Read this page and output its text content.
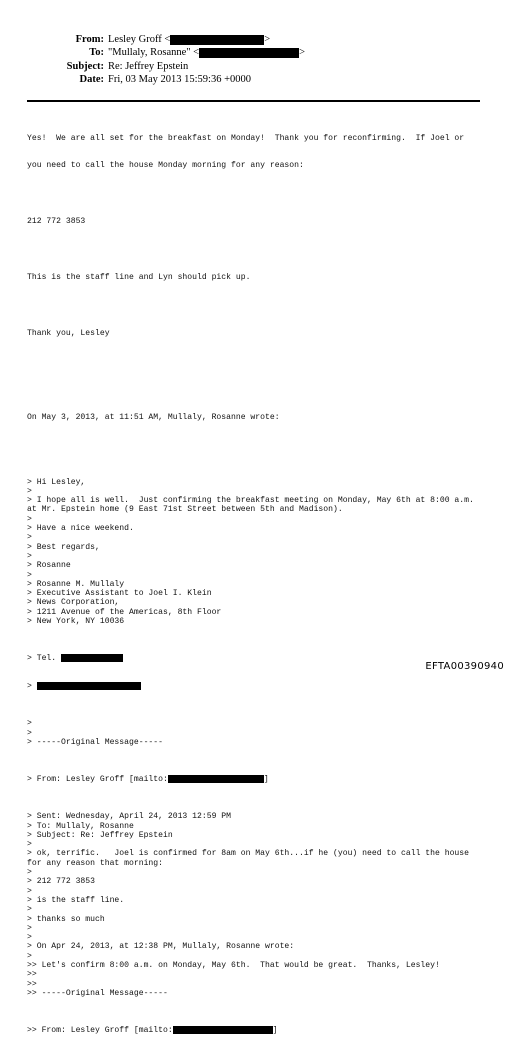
From: Lesley Groff <	>
To: "Mullaly, Rosanne" <	>
Subject: Re: Jeffrey Epstein
Date: Fri, 03 May 2013 15:59:36 +0000

Yes!  We are all set for the breakfast on Monday!  Thank you for reconfirming.  If Joel or

you need to call the house Monday morning for any reason:

212 772 3853

This is the staff line and Lyn should pick up.

Thank you, Lesley

On May 3, 2013, at 11:51 AM, Mullaly, Rosanne wrote:

> Hi Lesley,
>
> I hope all is well.  Just confirming the breakfast meeting on Monday, May 6th at 8:00 a.m.
at Mr. Epstein home (9 East 71st Street between 5th and Madison).
>
> Have a nice weekend.
>
> Best regards,
>
> Rosanne
>
> Rosanne M. Mullaly
> Executive Assistant to Joel I. Klein
> News Corporation,
> 1211 Avenue of the Americas, 8th Floor
> New York, NY 10036

> Tel.

>

>
>
> -----Original Message-----

> From: Lesley Groff [mailto:	]

> Sent: Wednesday, April 24, 2013 12:59 PM
> To: Mullaly, Rosanne
> Subject: Re: Jeffrey Epstein
>
> ok, terrific.   Joel is confirmed for 8am on May 6th...if he (you) need to call the house
for any reason that morning:
>
> 212 772 3853
>
> is the staff line.
>
> thanks so much
>
>
> On Apr 24, 2013, at 12:38 PM, Mullaly, Rosanne wrote:
>
>> Let's confirm 8:00 a.m. on Monday, May 6th.  That would be great.  Thanks, Lesley!
>>
>>
>> -----Original Message-----

>> From: Lesley Groff [mailto:	]

EFTA00390940
